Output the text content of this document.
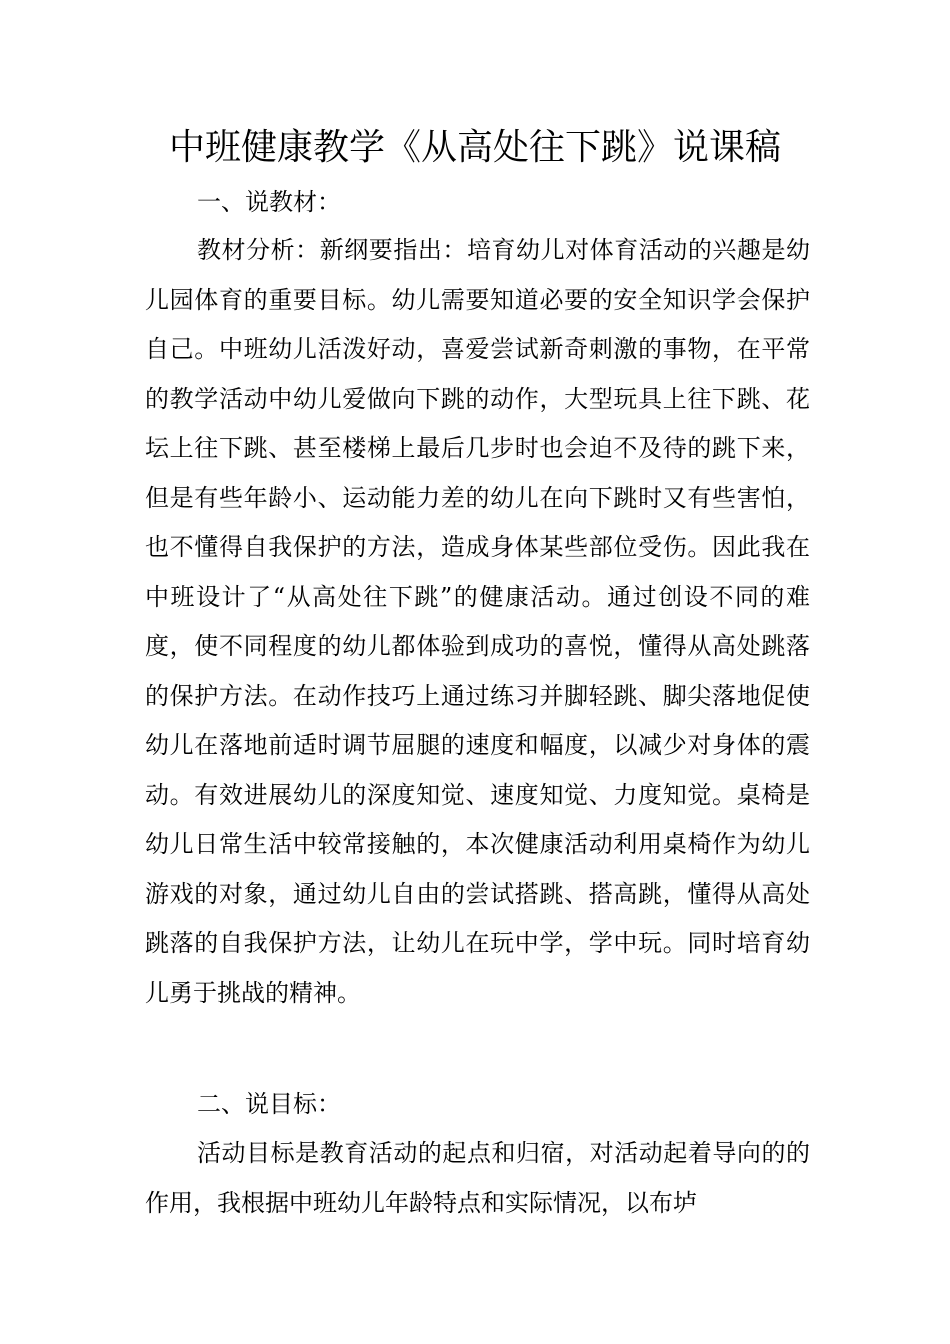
中班健康教学《从高处往下跳》说课稿
一、说教材：
教材分析：新纲要指出：培育幼儿对体育活动的兴趣是幼儿园体育的重要目标。幼儿需要知道必要的安全知识学会保护自己。中班幼儿活泼好动，喜爱尝试新奇刺激的事物，在平常的教学活动中幼儿爱做向下跳的动作，大型玩具上往下跳、花坛上往下跳、甚至楼梯上最后几步时也会迫不及待的跳下来，但是有些年龄小、运动能力差的幼儿在向下跳时又有些害怕，也不懂得自我保护的方法，造成身体某些部位受伤。因此我在中班设计了“从高处往下跳”的健康活动。通过创设不同的难度，使不同程度的幼儿都体验到成功的喜悦，懂得从高处跳落的保护方法。在动作技巧上通过练习并脚轻跳、脚尖落地促使幼儿在落地前适时调节屈腿的速度和幅度，以减少对身体的震动。有效进展幼儿的深度知觉、速度知觉、力度知觉。桌椅是幼儿日常生活中较常接触的，本次健康活动利用桌椅作为幼儿游戏的对象，通过幼儿自由的尝试搭跳、搭高跳，懂得从高处跳落的自我保护方法，让幼儿在玩中学，学中玩。同时培育幼儿勇于挑战的精神。
二、说目标：
活动目标是教育活动的起点和归宿，对活动起着导向的的作用，我根据中班幼儿年龄特点和实际情况，以布垆
